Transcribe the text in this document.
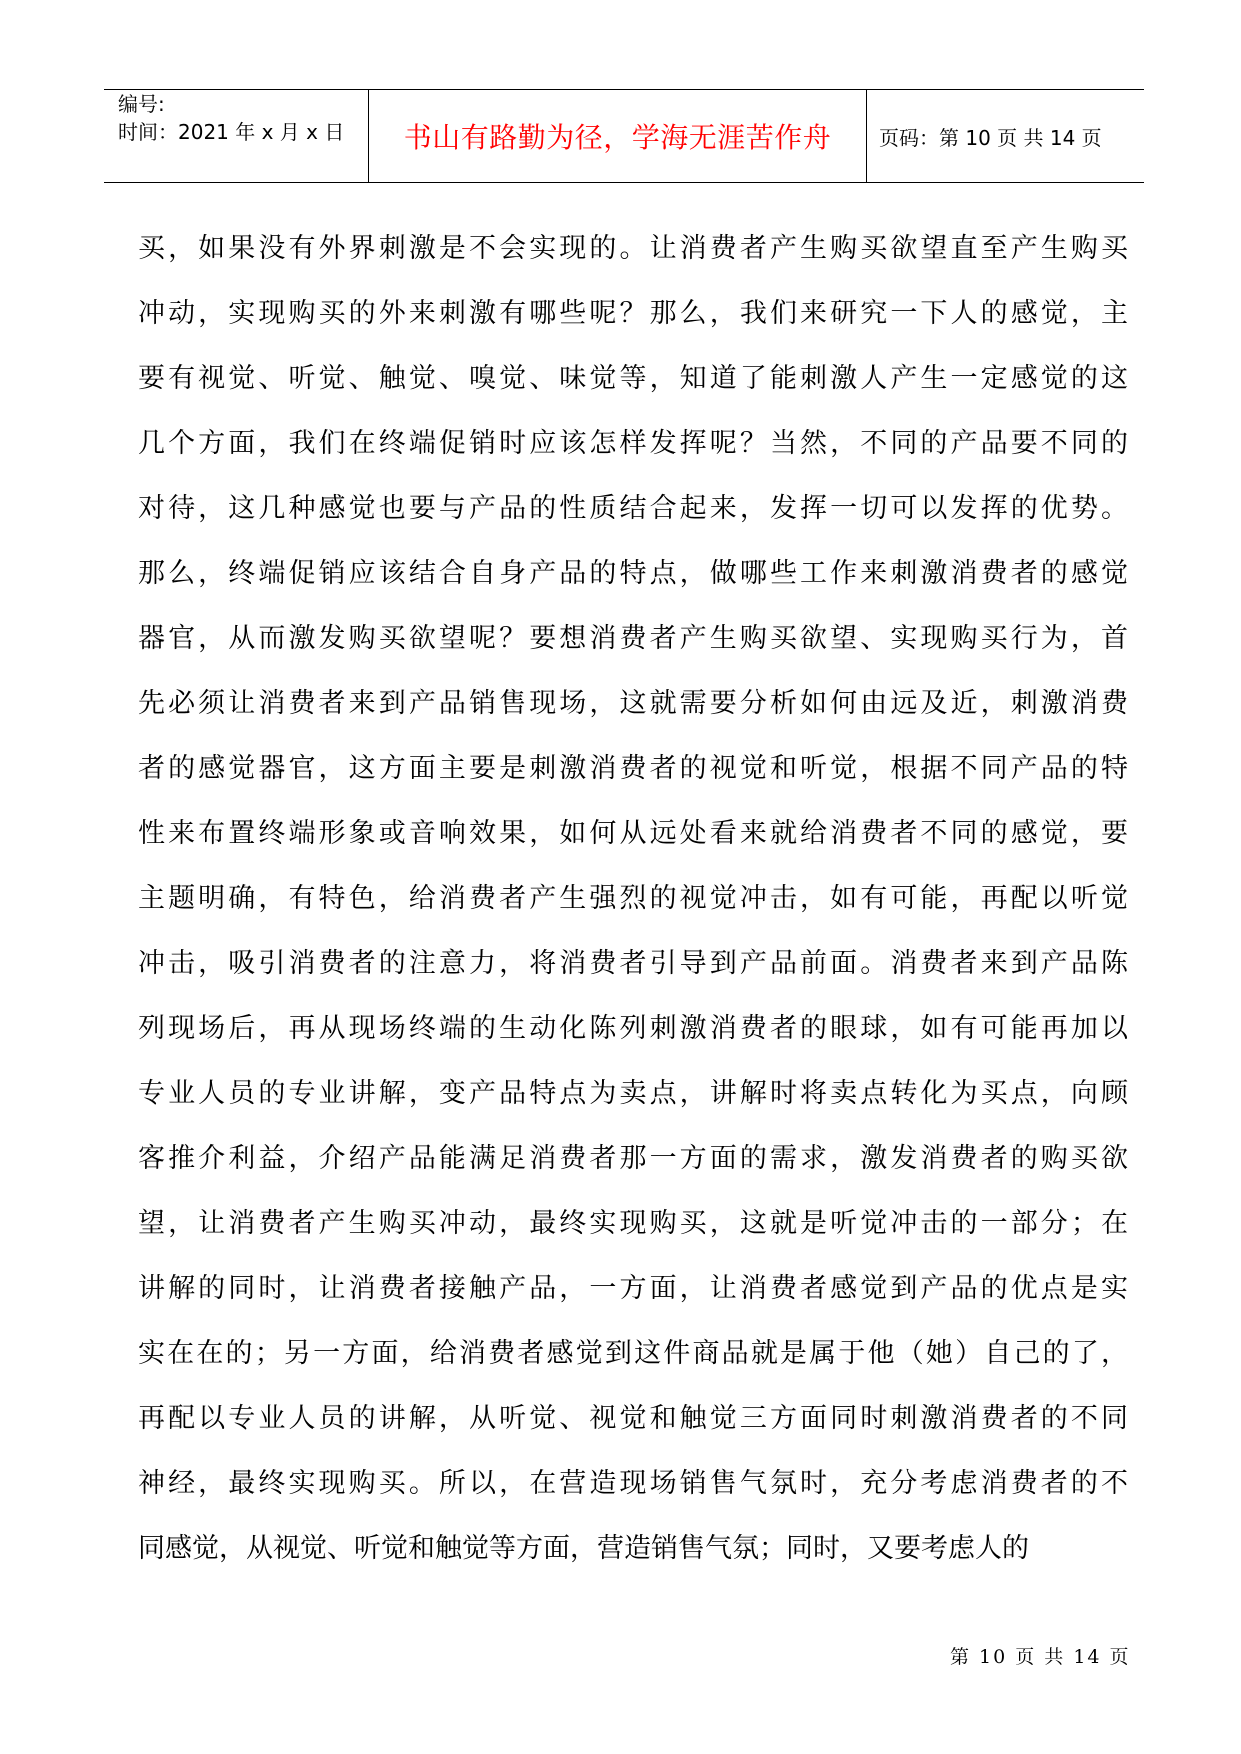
编号:
时间：2021 年 x 月 x 日 书山有路勤为径，学海无涯苦作舟 页码：第 10 页 共 14 页
买，如果没有外界刺激是不会实现的。让消费者产生购买欲望直至产生购买
冲动，实现购买的外来刺激有哪些呢？那么，我们来研究一下人的感觉，主
要有视觉、听觉、触觉、嗅觉、味觉等，知道了能刺激人产生一定感觉的这
几个方面，我们在终端促销时应该怎样发挥呢？当然，不同的产品要不同的
对待，这几种感觉也要与产品的性质结合起来，发挥一切可以发挥的优势。
那么，终端促销应该结合自身产品的特点，做哪些工作来刺激消费者的感觉
器官，从而激发购买欲望呢？要想消费者产生购买欲望、实现购买行为，首
先必须让消费者来到产品销售现场，这就需要分析如何由远及近，刺激消费
者的感觉器官，这方面主要是刺激消费者的视觉和听觉，根据不同产品的特
性来布置终端形象或音响效果，如何从远处看来就给消费者不同的感觉，要
主题明确，有特色，给消费者产生强烈的视觉冲击，如有可能，再配以听觉
冲击，吸引消费者的注意力，将消费者引导到产品前面。消费者来到产品陈
列现场后，再从现场终端的生动化陈列刺激消费者的眼球，如有可能再加以
专业人员的专业讲解，变产品特点为卖点，讲解时将卖点转化为买点，向顾
客推介利益，介绍产品能满足消费者那一方面的需求，激发消费者的购买欲
望，让消费者产生购买冲动，最终实现购买，这就是听觉冲击的一部分；在
讲解的同时，让消费者接触产品，一方面，让消费者感觉到产品的优点是实
实在在的；另一方面，给消费者感觉到这件商品就是属于他（她）自己的了，
再配以专业人员的讲解，从听觉、视觉和触觉三方面同时刺激消费者的不同
神经，最终实现购买。所以，在营造现场销售气氛时，充分考虑消费者的不
同感觉，从视觉、听觉和触觉等方面，营造销售气氛；同时，又要考虑人的
第 10 页 共 14 页
